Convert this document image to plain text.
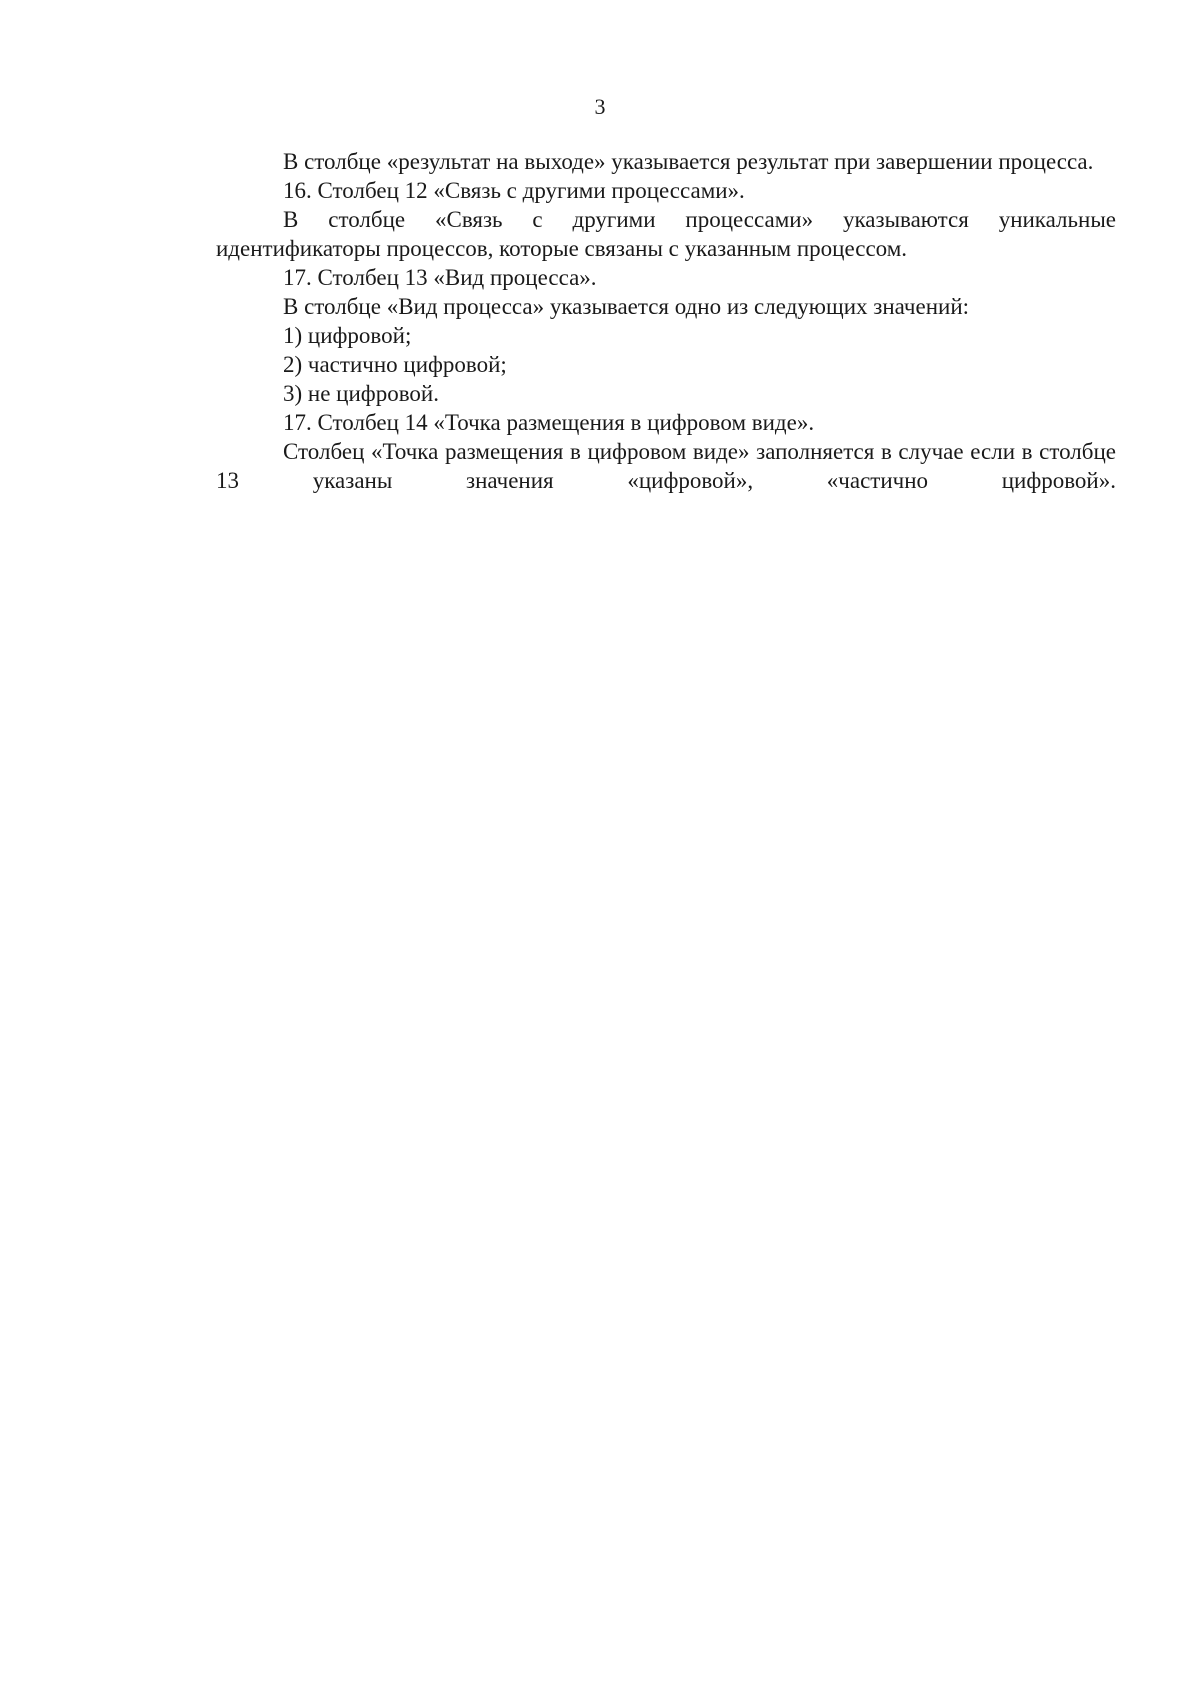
3

В столбце «результат на выходе» указывается результат при завершении процесса.

16. Столбец 12 «Связь с другими процессами».

В столбце «Связь с другими процессами» указываются уникальные идентификаторы процессов, которые связаны с указанным процессом.

17. Столбец 13 «Вид процесса».

В столбце «Вид процесса» указывается одно из следующих значений:

1) цифровой;

2) частично цифровой;

3) не цифровой.

17. Столбец 14 «Точка размещения в цифровом виде».

Столбец «Точка размещения в цифровом виде» заполняется в случае если в столбце 13 указаны значения «цифровой», «частично цифровой».
